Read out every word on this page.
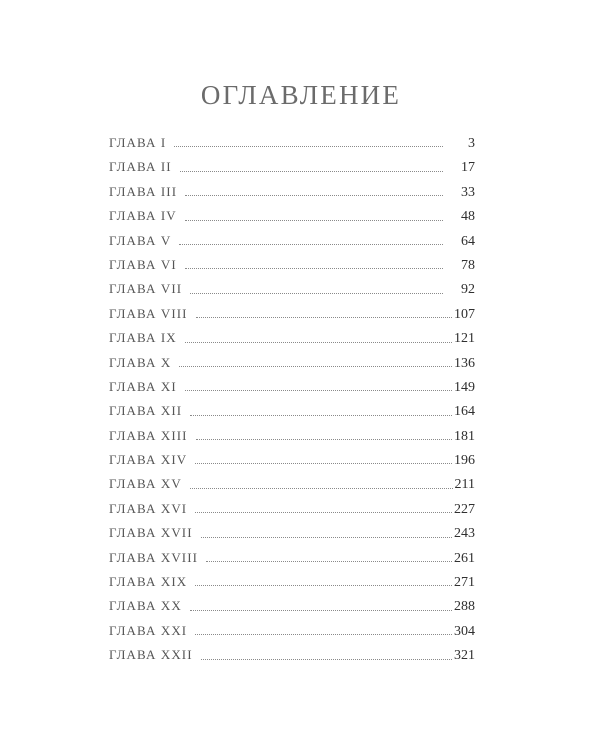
ОГЛАВЛЕНИЕ
ГЛАВА I	3
ГЛАВА II	17
ГЛАВА III	33
ГЛАВА IV	48
ГЛАВА V	64
ГЛАВА VI	78
ГЛАВА VII	92
ГЛАВА VIII	107
ГЛАВА IX	121
ГЛАВА X	136
ГЛАВА XI	149
ГЛАВА XII	164
ГЛАВА XIII	181
ГЛАВА XIV	196
ГЛАВА XV	211
ГЛАВА XVI	227
ГЛАВА XVII	243
ГЛАВА XVIII	261
ГЛАВА XIX	271
ГЛАВА XX	288
ГЛАВА XXI	304
ГЛАВА XXII	321
